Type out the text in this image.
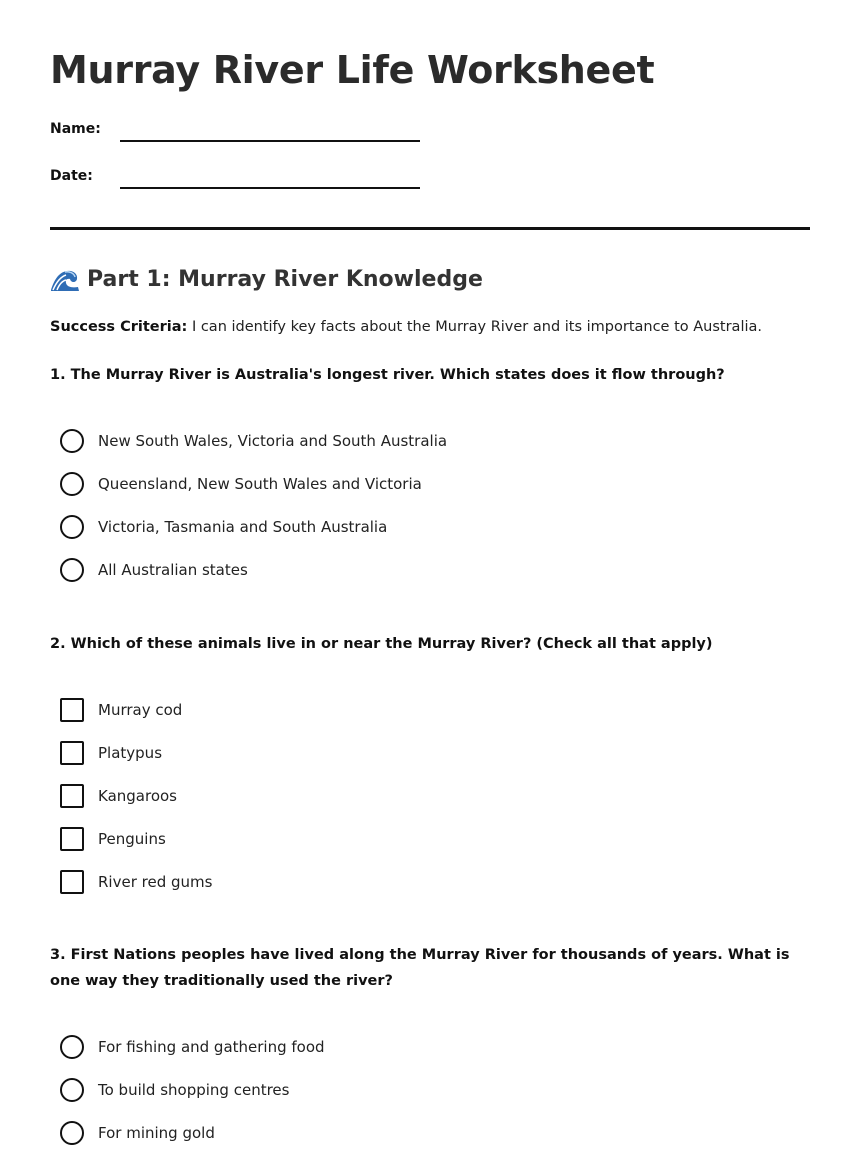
Murray River Life Worksheet
Name:
Date:
Part 1: Murray River Knowledge
Success Criteria: I can identify key facts about the Murray River and its importance to Australia.
1. The Murray River is Australia's longest river. Which states does it flow through?
New South Wales, Victoria and South Australia
Queensland, New South Wales and Victoria
Victoria, Tasmania and South Australia
All Australian states
2. Which of these animals live in or near the Murray River? (Check all that apply)
Murray cod
Platypus
Kangaroos
Penguins
River red gums
3. First Nations peoples have lived along the Murray River for thousands of years. What is one way they traditionally used the river?
For fishing and gathering food
To build shopping centres
For mining gold
